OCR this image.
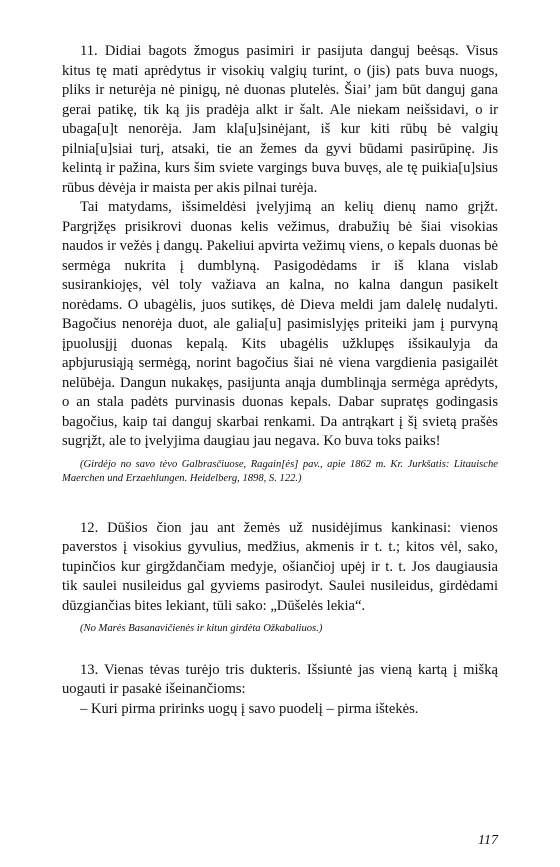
11. Didiai bagots žmogus pasimiri ir pasijuta danguj beėsąs. Visus kitus tę mati aprėdytus ir visokių valgių turint, o (jis) pats buva nuogs, pliks ir neturėja nė pinigų, nė duonas plutelės. Šiai’ jam būt danguj gana gerai patikę, tik ką jis pradėja alkt ir šalt. Ale niekam neišsidavi, o ir ubaga[u]t nenorėja. Jam kla[u]sinėjant, iš kur kiti rūbų bė valgių pilnia[u]siai turį, atsaki, tie an žemes da gyvi būdami pasirūpinę. Jis kelintą ir pažina, kurs šim sviete vargings buva buvęs, ale tę puikia[u]sius rūbus dėvėja ir maista per akis pilnai turėja.

Tai matydams, išsimeldėsi įvelyjimą an kelių dienų namo grįžt. Pargrįžęs prisikrovi duonas kelis vežimus, drabužių bė šiai visokias naudos ir vežės į dangų. Pakeliui apvirta vežimų viens, o kepals duonas bė sermėga nukrita į dumblyną. Pasigodėdams ir iš klana vislab susirankiojęs, vėl toly važiava an kalna, no kalna dangun pasikelt norėdams. O ubagėlis, juos sutikęs, dė Dieva meldi jam dalelę nudalyti. Bagočius nenorėja duot, ale galia[u] pasimislyjęs priteiki jam į purvyną įpuolusįjį duonas kepalą. Kits ubagėlis užklupęs išsikaulyja da apbjurusiąją sermėgą, norint bagočius šiai nė viena vargdienia pasigailėt nelūbėja. Dangun nukakęs, pasijunta anąja dumblinąja sermėga aprėdyts, o an stala padėts purvinasis duonas kepals. Dabar supratęs godingasis bagočius, kaip tai danguj skarbai renkami. Da antrąkart į šį svietą prašės sugrįžt, ale to įvelyjima daugiau jau negava. Ko buva toks paiks!

(Girdėjo no savo tėvo Galbrasčiuose, Ragain[ės] pav., apie 1862 m. Kr. Jurkšatis: Litauische Maerchen und Erzaehlungen. Heidelberg, 1898, S. 122.)

12. Dūšios čion jau ant žemės už nusidėjimus kankinasi: vienos paverstos į visokius gyvulius, medžius, akmenis ir t. t.; kitos vėl, sako, tupinčios kur girgždančiam medyje, ošiančioj upėj ir t. t. Jos daugiausia tik saulei nusileidus gal gyviems pasirodyt. Saulei nusileidus, girdėdami dūzgiančias bites lekiant, tūli sako: „Dūšelės lekia“.

(No Marės Basanavičienės ir kitun girdėta Ožkabaliuos.)

13. Vienas tėvas turėjo tris dukteris. Išsiuntė jas vieną kartą į mišką uogauti ir pasakė išeinančioms:

– Kuri pirma pririnks uogų į savo puodelį – pirma ištekės.

117
